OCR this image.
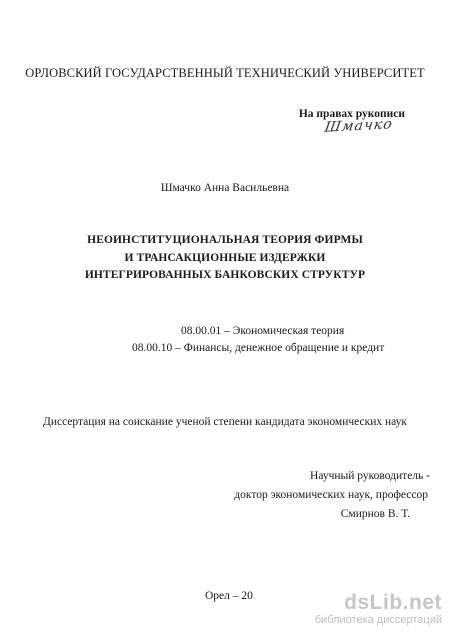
ОРЛОВСКИЙ ГОСУДАРСТВЕННЫЙ ТЕХНИЧЕСКИЙ УНИВЕРСИТЕТ
На правах рукописи
Шмачко
Шмачко Анна Васильевна
НЕОИНСТИТУЦИОНАЛЬНАЯ ТЕОРИЯ ФИРМЫ
И ТРАНСАКЦИОННЫЕ ИЗДЕРЖКИ
ИНТЕГРИРОВАННЫХ БАНКОВСКИХ СТРУКТУР
08.00.01 – Экономическая теория
08.00.10 – Финансы, денежное обращение и кредит
Диссертация на соискание ученой степени кандидата экономических наук
Научный руководитель -
доктор экономических наук, профессор
Смирнов В. Т.
Орел – 20	dsLib.net
библиотека диссертаций
